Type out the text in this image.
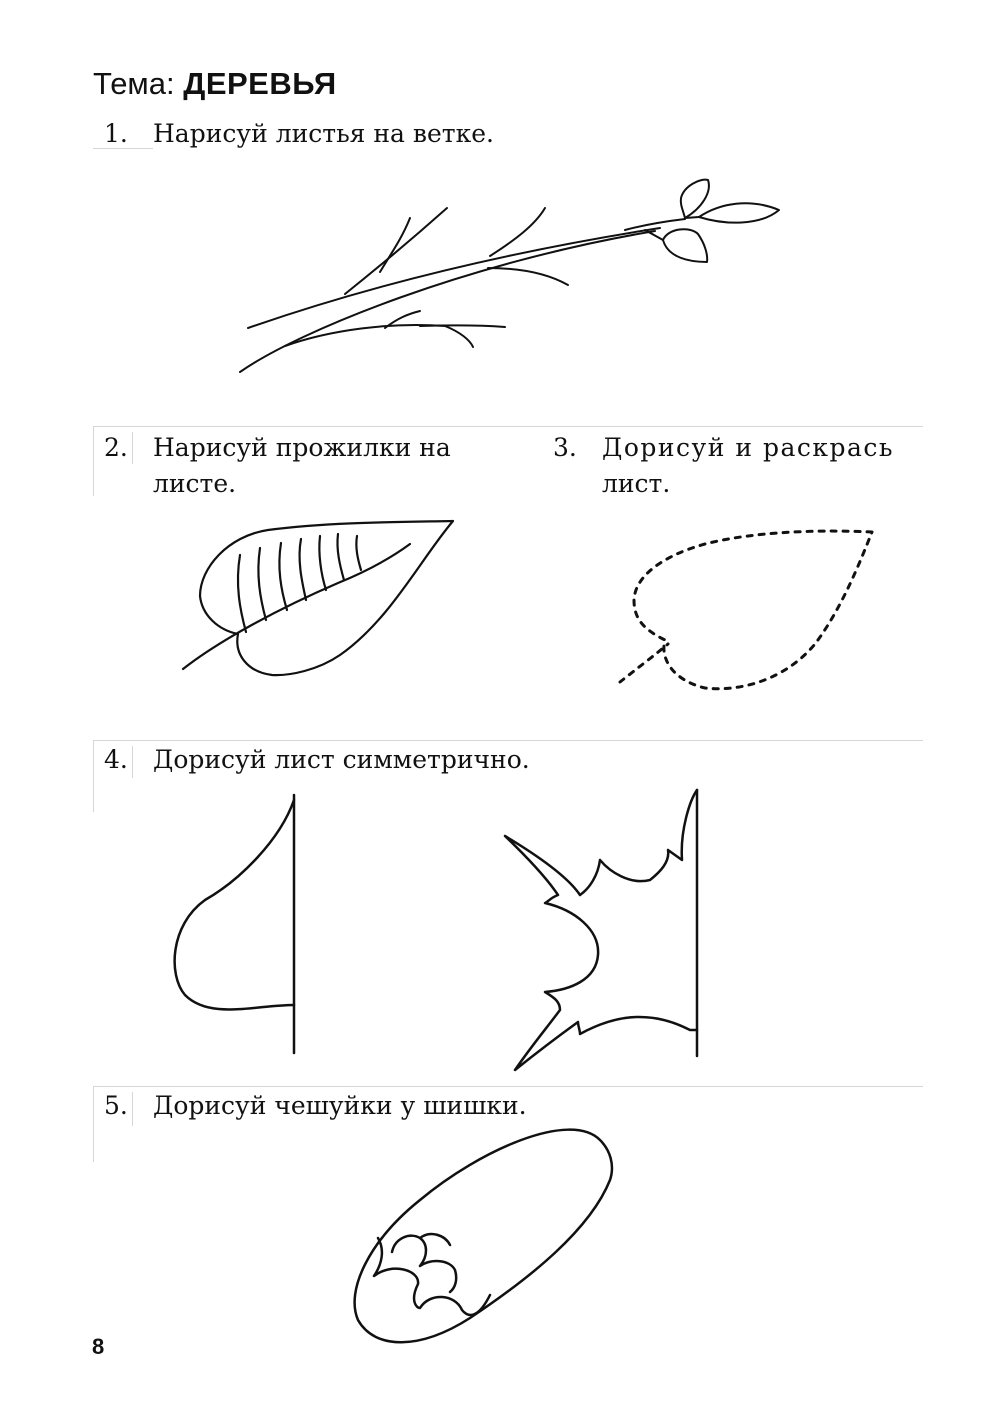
Тема: ДЕРЕВЬЯ
1. Нарисуй листья на ветке.
2. Нарисуй прожилки на
листе.
3. Дорисуй и раскрась
лист.
4. Дорисуй лист симметрично.
5. Дорисуй чешуйки у шишки.
8
